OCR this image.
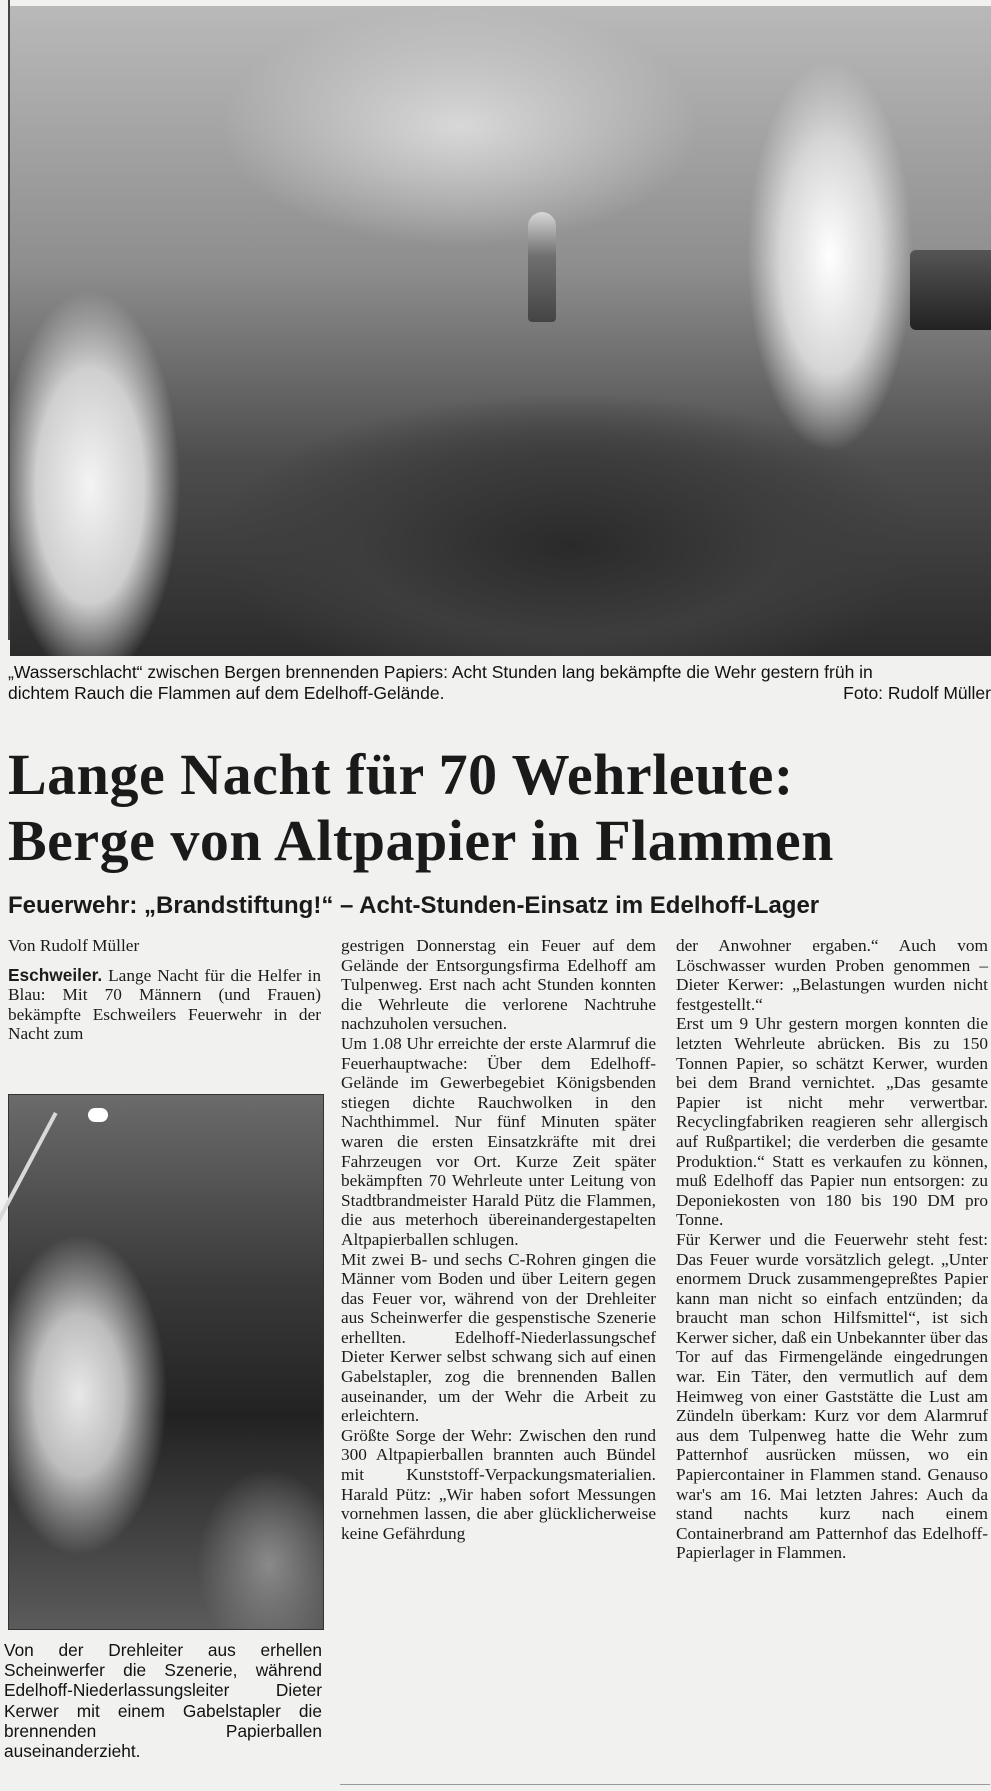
„Wasserschlacht“ zwischen Bergen brennenden Papiers: Acht Stunden lang bekämpfte die Wehr gestern früh in
dichtem Rauch die Flammen auf dem Edelhoff-Gelände.	Foto: Rudolf Müller
Lange Nacht für 70 Wehrleute:
Berge von Altpapier in Flammen
Feuerwehr: „Brandstiftung!“ – Acht-Stunden-Einsatz im Edelhoff-Lager

Von Rudolf Müller

Eschweiler. Lange Nacht für die Helfer in Blau: Mit 70 Männern (und Frauen) bekämpfte Eschweilers Feuerwehr in der Nacht zum

Von der Drehleiter aus erhellen Scheinwerfer die Szenerie, während Edelhoff-Niederlassungsleiter Dieter Kerwer mit einem Gabelstapler die brennenden Papierballen auseinanderzieht.

gestrigen Donnerstag ein Feuer auf dem Gelände der Entsorgungsfirma Edelhoff am Tulpenweg. Erst nach acht Stunden konnten die Wehrleute die verlorene Nachtruhe nachzuholen versuchen.

Um 1.08 Uhr erreichte der erste Alarmruf die Feuerhauptwache: Über dem Edelhoff-Gelände im Gewerbegebiet Königsbenden stiegen dichte Rauchwolken in den Nachthimmel. Nur fünf Minuten später waren die ersten Einsatzkräfte mit drei Fahrzeugen vor Ort. Kurze Zeit später bekämpften 70 Wehrleute unter Leitung von Stadtbrandmeister Harald Pütz die Flammen, die aus meterhoch übereinandergestapelten Altpapierballen schlugen.

Mit zwei B- und sechs C-Rohren gingen die Männer vom Boden und über Leitern gegen das Feuer vor, während von der Drehleiter aus Scheinwerfer die gespenstische Szenerie erhellten. Edelhoff-Niederlassungschef Dieter Kerwer selbst schwang sich auf einen Gabelstapler, zog die brennenden Ballen auseinander, um der Wehr die Arbeit zu erleichtern.

Größte Sorge der Wehr: Zwischen den rund 300 Altpapierballen brannten auch Bündel mit Kunststoff-Verpackungsmaterialien. Harald Pütz: „Wir haben sofort Messungen vornehmen lassen, die aber glücklicherweise keine Gefährdung

der Anwohner ergaben.“ Auch vom Löschwasser wurden Proben genommen – Dieter Kerwer: „Belastungen wurden nicht festgestellt.“

Erst um 9 Uhr gestern morgen konnten die letzten Wehrleute abrücken. Bis zu 150 Tonnen Papier, so schätzt Kerwer, wurden bei dem Brand vernichtet. „Das gesamte Papier ist nicht mehr verwertbar. Recyclingfabriken reagieren sehr allergisch auf Rußpartikel; die verderben die gesamte Produktion.“ Statt es verkaufen zu können, muß Edelhoff das Papier nun entsorgen: zu Deponiekosten von 180 bis 190 DM pro Tonne.

Für Kerwer und die Feuerwehr steht fest: Das Feuer wurde vorsätzlich gelegt. „Unter enormem Druck zusammengepreßtes Papier kann man nicht so einfach entzünden; da braucht man schon Hilfsmittel“, ist sich Kerwer sicher, daß ein Unbekannter über das Tor auf das Firmengelände eingedrungen war. Ein Täter, den vermutlich auf dem Heimweg von einer Gaststätte die Lust am Zündeln überkam: Kurz vor dem Alarmruf aus dem Tulpenweg hatte die Wehr zum Patternhof ausrücken müssen, wo ein Papiercontainer in Flammen stand. Genauso war's am 16. Mai letzten Jahres: Auch da stand nachts kurz nach einem Containerbrand am Patternhof das Edelhoff-Papierlager in Flammen.
